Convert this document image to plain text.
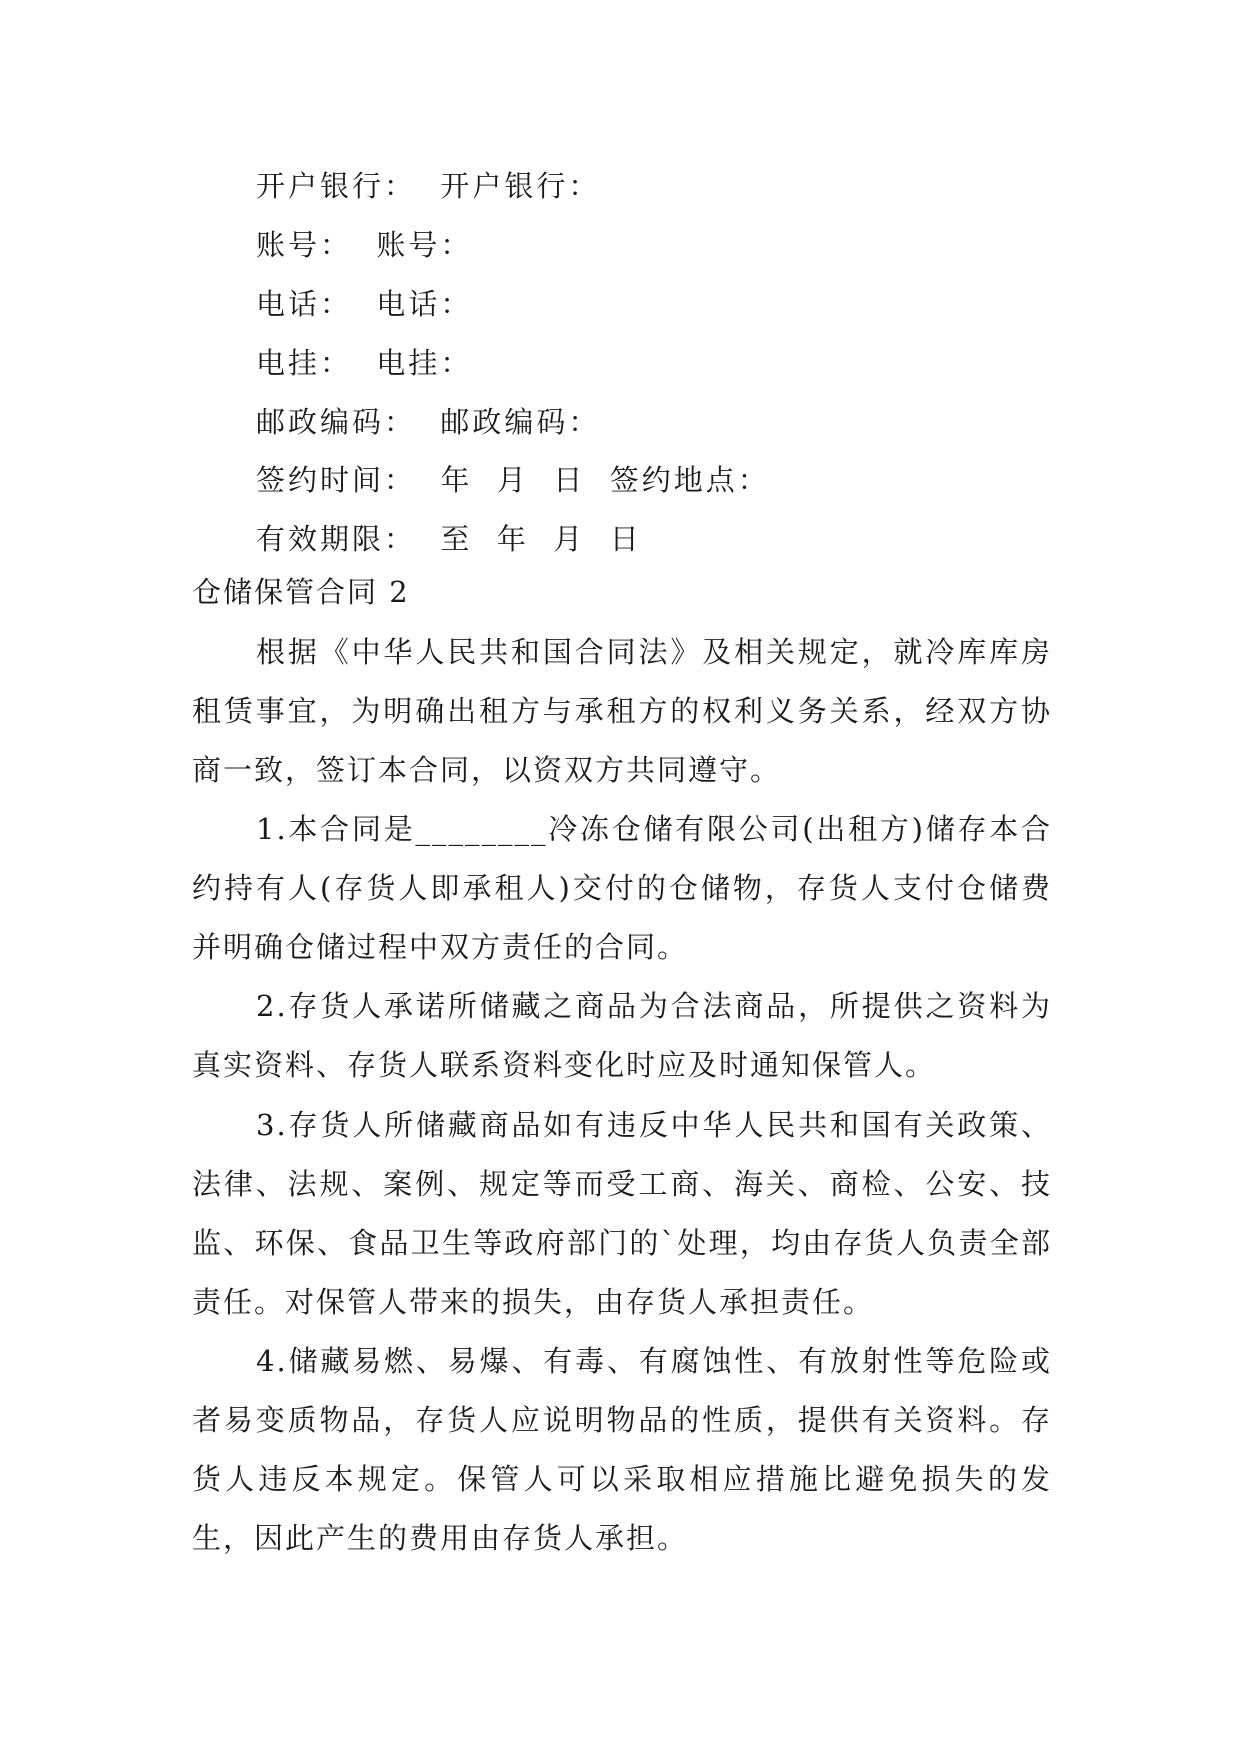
开户银行：  开户银行：
账号：  账号：
电话：  电话：
电挂：  电挂：
邮政编码：  邮政编码：
签约时间：  年  月  日  签约地点：
有效期限：  至  年  月  日
仓储保管合同 2

根据《中华人民共和国合同法》及相关规定，就冷库库房租赁事宜，为明确出租方与承租方的权利义务关系，经双方协商一致，签订本合同，以资双方共同遵守。

1.本合同是________冷冻仓储有限公司(出租方)储存本合约持有人(存货人即承租人)交付的仓储物，存货人支付仓储费并明确仓储过程中双方责任的合同。

2.存货人承诺所储藏之商品为合法商品，所提供之资料为真实资料、存货人联系资料变化时应及时通知保管人。

3.存货人所储藏商品如有违反中华人民共和国有关政策、法律、法规、案例、规定等而受工商、海关、商检、公安、技监、环保、食品卫生等政府部门的`处理，均由存货人负责全部责任。对保管人带来的损失，由存货人承担责任。

4.储藏易燃、易爆、有毒、有腐蚀性、有放射性等危险或者易变质物品，存货人应说明物品的性质，提供有关资料。存货人违反本规定。保管人可以采取相应措施比避免损失的发生，因此产生的费用由存货人承担。
